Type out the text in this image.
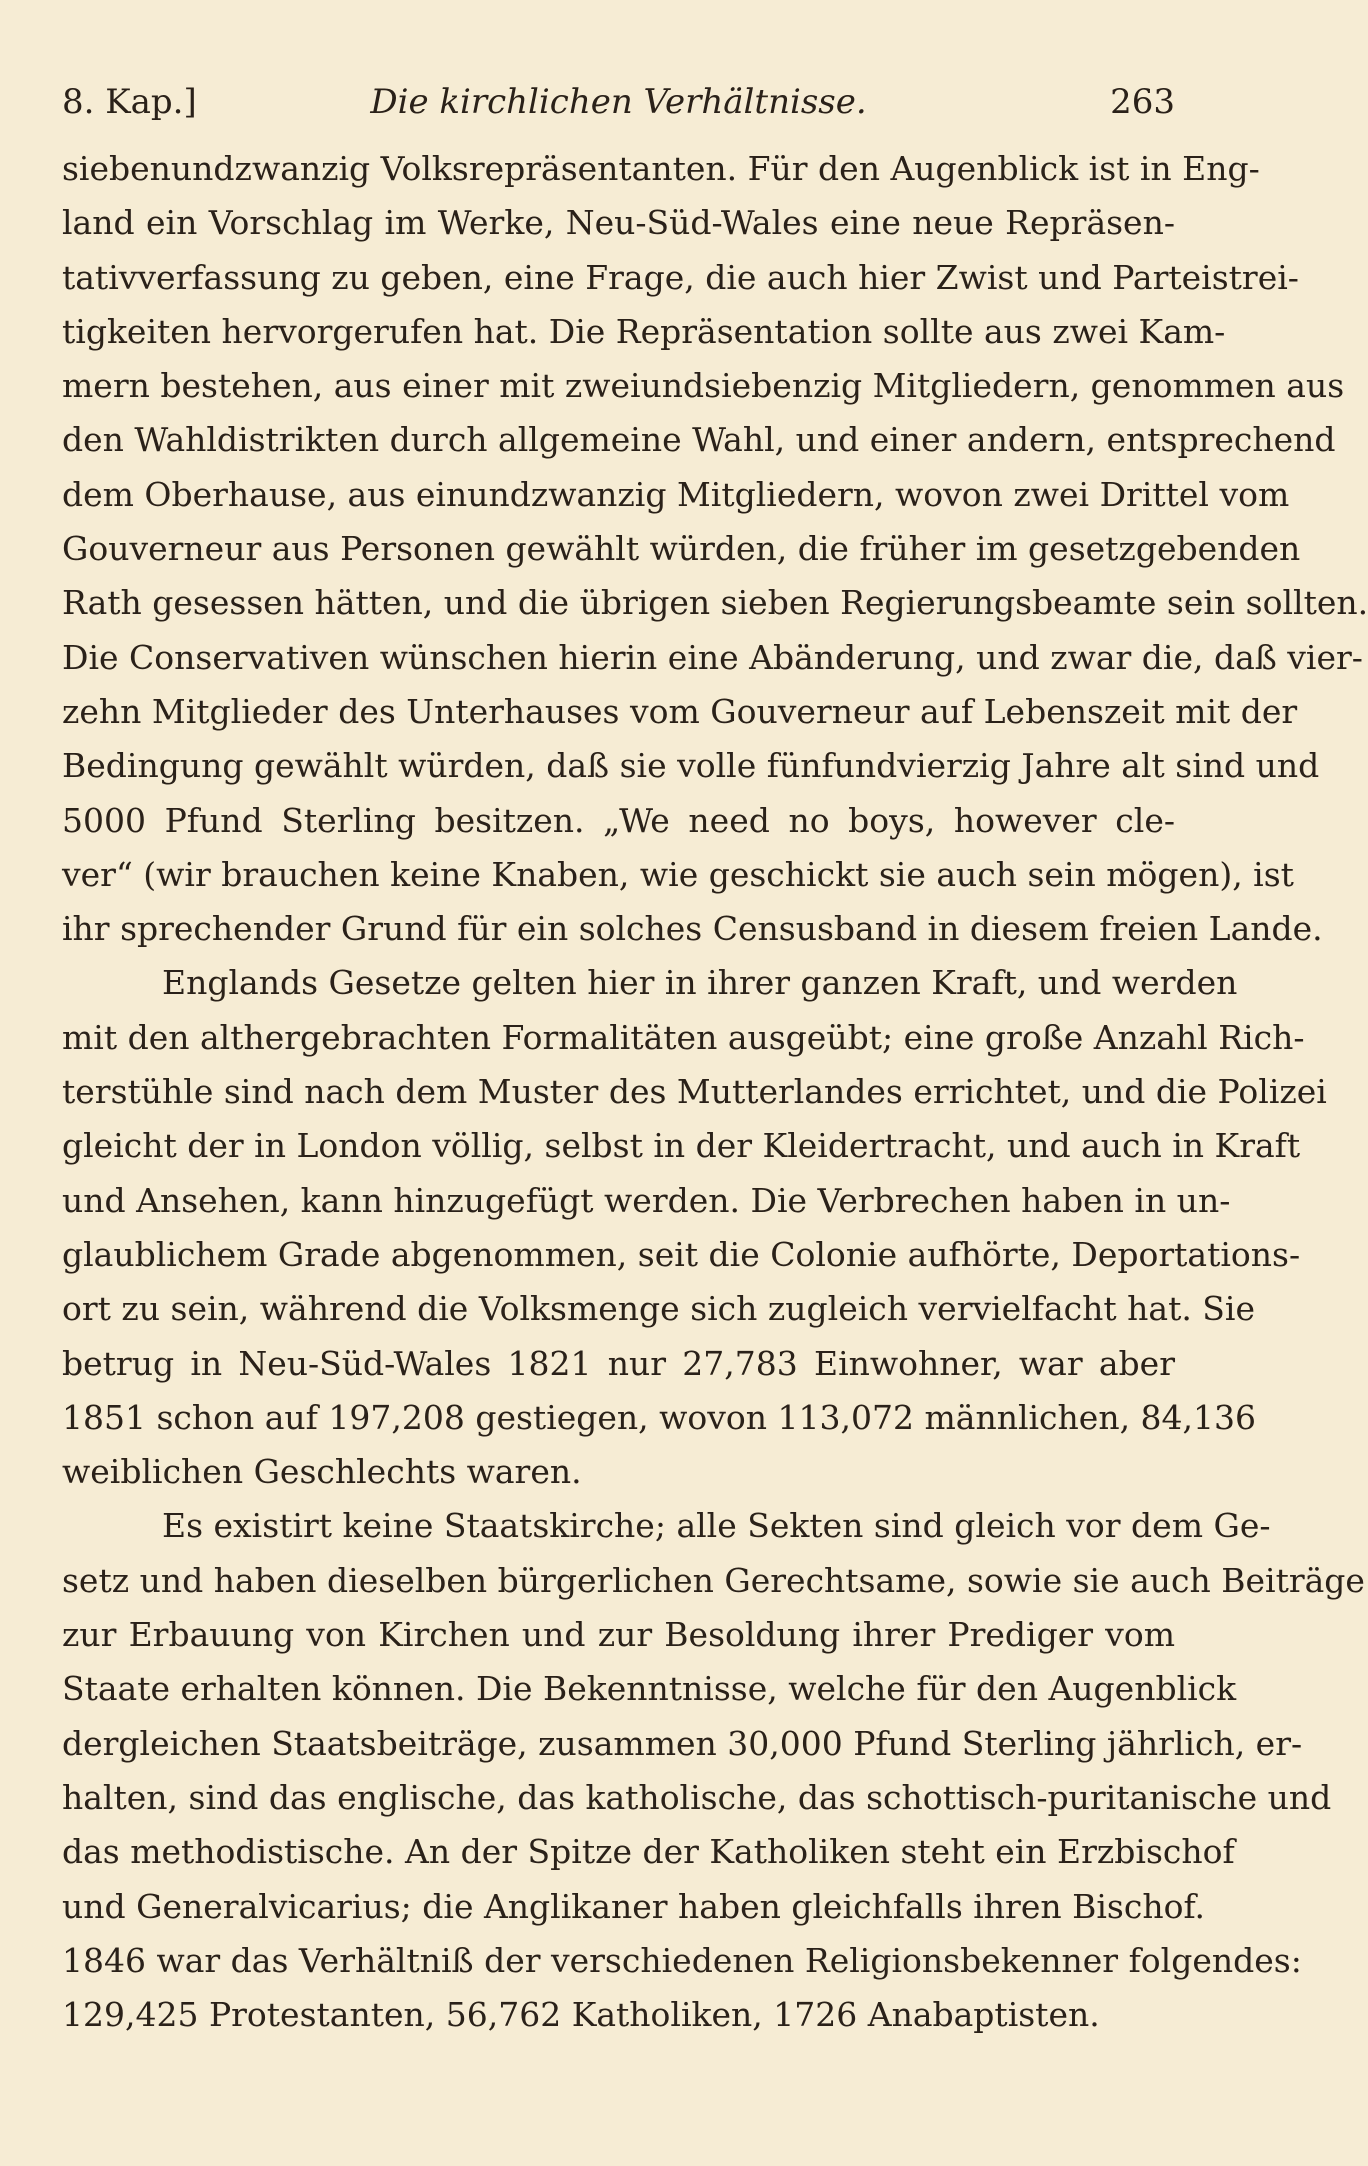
8. Kap.]	Die kirchlichen Verhältnisse.	263
siebenundzwanzig Volksrepräsentanten. Für den Augenblick ist in Eng-
land ein Vorschlag im Werke, Neu-Süd-Wales eine neue Repräsen-
tativverfassung zu geben, eine Frage, die auch hier Zwist und Parteistrei-
tigkeiten hervorgerufen hat. Die Repräsentation sollte aus zwei Kam-
mern bestehen, aus einer mit zweiundsiebenzig Mitgliedern, genommen aus
den Wahldistrikten durch allgemeine Wahl, und einer andern, entsprechend
dem Oberhause, aus einundzwanzig Mitgliedern, wovon zwei Drittel vom
Gouverneur aus Personen gewählt würden, die früher im gesetzgebenden
Rath gesessen hätten, und die übrigen sieben Regierungsbeamte sein sollten.
Die Conservativen wünschen hierin eine Abänderung, und zwar die, daß vier-
zehn Mitglieder des Unterhauses vom Gouverneur auf Lebenszeit mit der
Bedingung gewählt würden, daß sie volle fünfundvierzig Jahre alt sind und
5000 Pfund Sterling besitzen. „We need no boys, however cle-
ver“ (wir brauchen keine Knaben, wie geschickt sie auch sein mögen), ist
ihr sprechender Grund für ein solches Censusband in diesem freien Lande.
Englands Gesetze gelten hier in ihrer ganzen Kraft, und werden
mit den althergebrachten Formalitäten ausgeübt; eine große Anzahl Rich-
terstühle sind nach dem Muster des Mutterlandes errichtet, und die Polizei
gleicht der in London völlig, selbst in der Kleidertracht, und auch in Kraft
und Ansehen, kann hinzugefügt werden. Die Verbrechen haben in un-
glaublichem Grade abgenommen, seit die Colonie aufhörte, Deportations-
ort zu sein, während die Volksmenge sich zugleich vervielfacht hat. Sie
betrug in Neu-Süd-Wales 1821 nur 27,783 Einwohner, war aber
1851 schon auf 197,208 gestiegen, wovon 113,072 männlichen, 84,136
weiblichen Geschlechts waren.
Es existirt keine Staatskirche; alle Sekten sind gleich vor dem Ge-
setz und haben dieselben bürgerlichen Gerechtsame, sowie sie auch Beiträge
zur Erbauung von Kirchen und zur Besoldung ihrer Prediger vom
Staate erhalten können. Die Bekenntnisse, welche für den Augenblick
dergleichen Staatsbeiträge, zusammen 30,000 Pfund Sterling jährlich, er-
halten, sind das englische, das katholische, das schottisch-puritanische und
das methodistische. An der Spitze der Katholiken steht ein Erzbischof
und Generalvicarius; die Anglikaner haben gleichfalls ihren Bischof.
1846 war das Verhältniß der verschiedenen Religionsbekenner folgendes:
129,425 Protestanten, 56,762 Katholiken, 1726 Anabaptisten.
